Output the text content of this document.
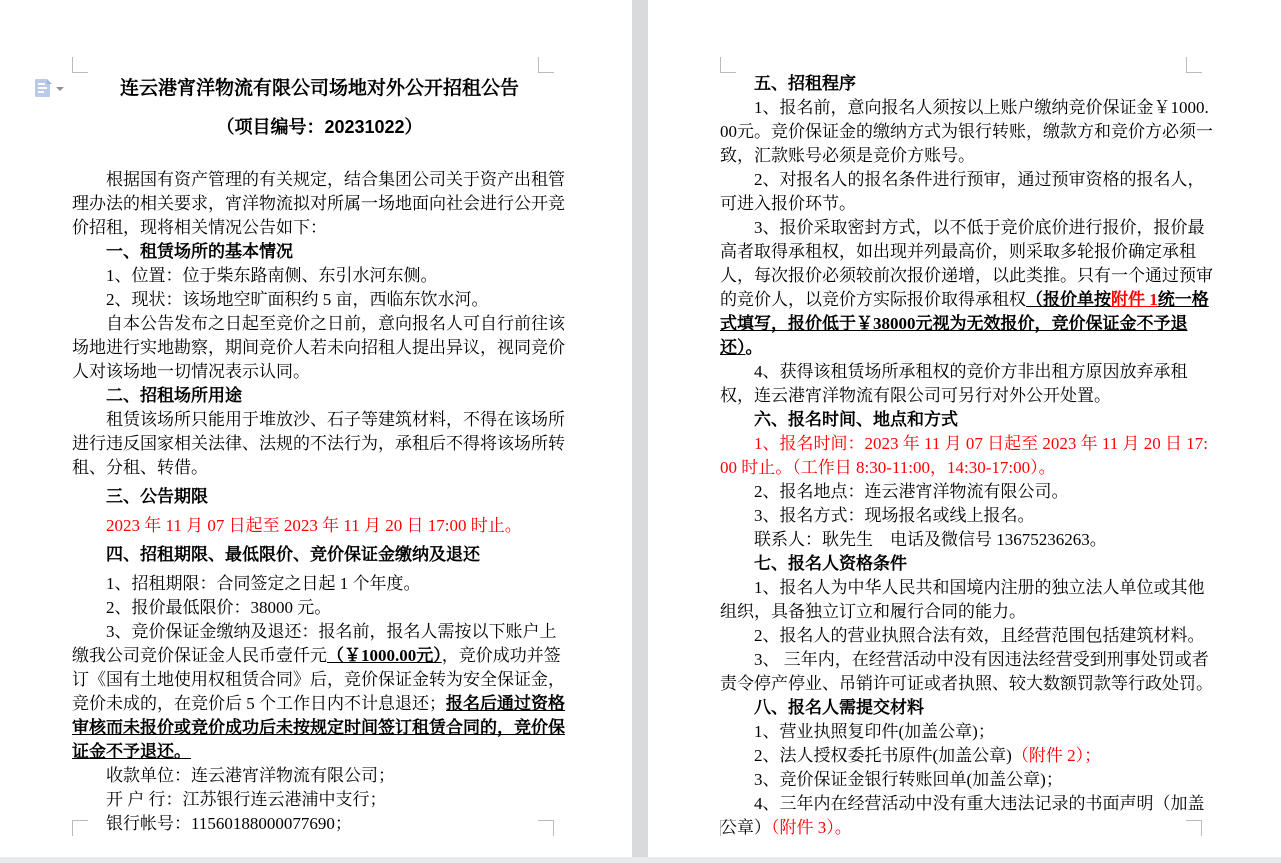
连云港宵洋物流有限公司场地对外公开招租公告
（项目编号：20231022）
根据国有资产管理的有关规定，结合集团公司关于资产出租管理办法的相关要求，宵洋物流拟对所属一场地面向社会进行公开竞价招租，现将相关情况公告如下：
一、租赁场所的基本情况
1、位置：位于柴东路南侧、东引水河东侧。
2、现状：该场地空旷面积约 5 亩，西临东饮水河。
自本公告发布之日起至竞价之日前，意向报名人可自行前往该场地进行实地勘察，期间竞价人若未向招租人提出异议，视同竞价人对该场地一切情况表示认同。
二、招租场所用途
租赁该场所只能用于堆放沙、石子等建筑材料，不得在该场所进行违反国家相关法律、法规的不法行为，承租后不得将该场所转租、分租、转借。
三、公告期限
2023 年 11 月 07 日起至 2023 年 11 月 20 日 17:00 时止。
四、招租期限、最低限价、竞价保证金缴纳及退还
1、招租期限：合同签定之日起 1 个年度。
2、报价最低限价：38000 元。
3、竞价保证金缴纳及退还：报名前，报名人需按以下账户上缴我公司竞价保证金人民币壹仟元（￥1000.00元），竞价成功并签订《国有土地使用权租赁合同》后，竞价保证金转为安全保证金，竞价未成的，在竞价后 5 个工作日内不计息退还；报名后通过资格审核而未报价或竞价成功后未按规定时间签订租赁合同的，竞价保证金不予退还。
收款单位：连云港宵洋物流有限公司；
开 户 行：江苏银行连云港浦中支行；
银行帐号：11560188000077690；
五、招租程序
1、报名前，意向报名人须按以上账户缴纳竞价保证金￥1000.00元。竞价保证金的缴纳方式为银行转账，缴款方和竞价方必须一致，汇款账号必须是竞价方账号。
2、对报名人的报名条件进行预审，通过预审资格的报名人，可进入报价环节。
3、报价采取密封方式，以不低于竞价底价进行报价，报价最高者取得承租权，如出现并列最高价，则采取多轮报价确定承租人，每次报价必须较前次报价递增，以此类推。只有一个通过预审的竞价人，以竞价方实际报价取得承租权（报价单按附件 1统一格式填写，报价低于￥38000元视为无效报价，竞价保证金不予退还）。
4、获得该租赁场所承租权的竞价方非出租方原因放弃承租权，连云港宵洋物流有限公司可另行对外公开处置。
六、报名时间、地点和方式
1、报名时间：2023 年 11 月 07 日起至 2023 年 11 月 20 日 17:00 时止。（工作日 8:30-11:00，14:30-17:00）。
2、报名地点：连云港宵洋物流有限公司。
3、报名方式：现场报名或线上报名。
联系人：耿先生　电话及微信号 13675236263。
七、报名人资格条件
1、报名人为中华人民共和国境内注册的独立法人单位或其他组织，具备独立订立和履行合同的能力。
2、报名人的营业执照合法有效，且经营范围包括建筑材料。
3、 三年内，在经营活动中没有因违法经营受到刑事处罚或者责令停产停业、吊销许可证或者执照、较大数额罚款等行政处罚。
八、报名人需提交材料
1、营业执照复印件(加盖公章)；
2、法人授权委托书原件(加盖公章)（附件 2）；
3、竞价保证金银行转账回单(加盖公章)；
4、三年内在经营活动中没有重大违法记录的书面声明（加盖公章）（附件 3）。
